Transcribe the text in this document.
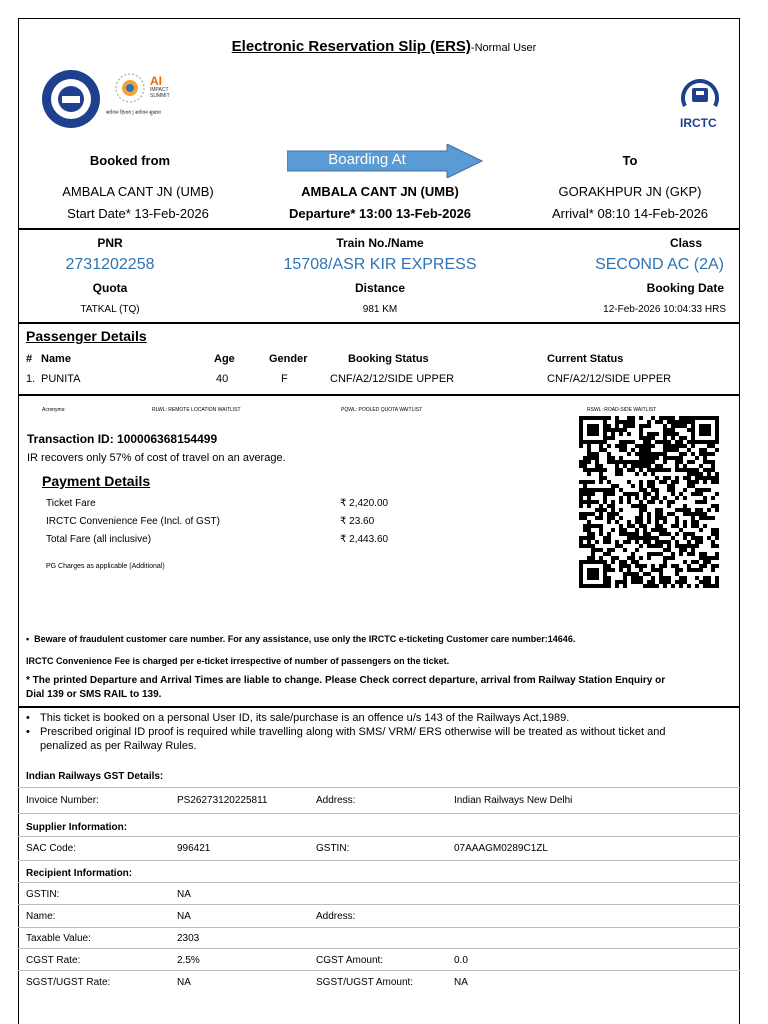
Electronic Reservation Slip (ERS)-Normal User
AI
IMPACT
SUMMIT
सर्वजन हिताय | सर्वजन सुखाय
IRCTC
Booked from	Boarding At	To
AMBALA CANT JN (UMB)	AMBALA CANT JN (UMB)	GORAKHPUR JN (GKP)
Start Date* 13-Feb-2026	Departure* 13:00 13-Feb-2026	Arrival* 08:10 14-Feb-2026
PNR	Train No./Name	Class
2731202258	15708/ASR KIR EXPRESS	SECOND AC (2A)
Quota	Distance	Booking Date
TATKAL (TQ)	981 KM	12-Feb-2026 10:04:33 HRS
Passenger Details
# Name	Age	Gender	Booking Status	Current Status
1. PUNITA	40	F	CNF/A2/12/SIDE UPPER	CNF/A2/12/SIDE UPPER
Acronyms:	RLWL: REMOTE LOCATION WAITLIST	PQWL: POOLED QUOTA WAITLIST	RSWL: ROAD-SIDE WAITLIST
Transaction ID: 100006368154499
IR recovers only 57% of cost of travel on an average.
Payment Details
Ticket Fare	₹ 2,420.00
IRCTC Convenience Fee (Incl. of GST)	₹ 23.60
Total Fare (all inclusive)	₹ 2,443.60
PG Charges as applicable (Additional)
•  Beware of fraudulent customer care number. For any assistance, use only the IRCTC e-ticketing Customer care number:14646.
IRCTC Convenience Fee is charged per e-ticket irrespective of number of passengers on the ticket.
* The printed Departure and Arrival Times are liable to change. Please Check correct departure, arrival from Railway Station Enquiry or
Dial 139 or SMS RAIL to 139.
• This ticket is booked on a personal User ID, its sale/purchase is an offence u/s 143 of the Railways Act,1989.
• Prescribed original ID proof is required while travelling along with SMS/ VRM/ ERS otherwise will be treated as without ticket and
penalized as per Railway Rules.
Indian Railways GST Details:
Invoice Number:	PS26273120225811	Address:	Indian Railways New Delhi
Supplier Information:
SAC Code:	996421	GSTIN:	07AAAGM0289C1ZL
Recipient Information:
GSTIN:	NA
Name:	NA	Address:
Taxable Value:	2303
CGST Rate:	2.5%	CGST Amount:	0.0
SGST/UGST Rate:	NA	SGST/UGST Amount:	NA
